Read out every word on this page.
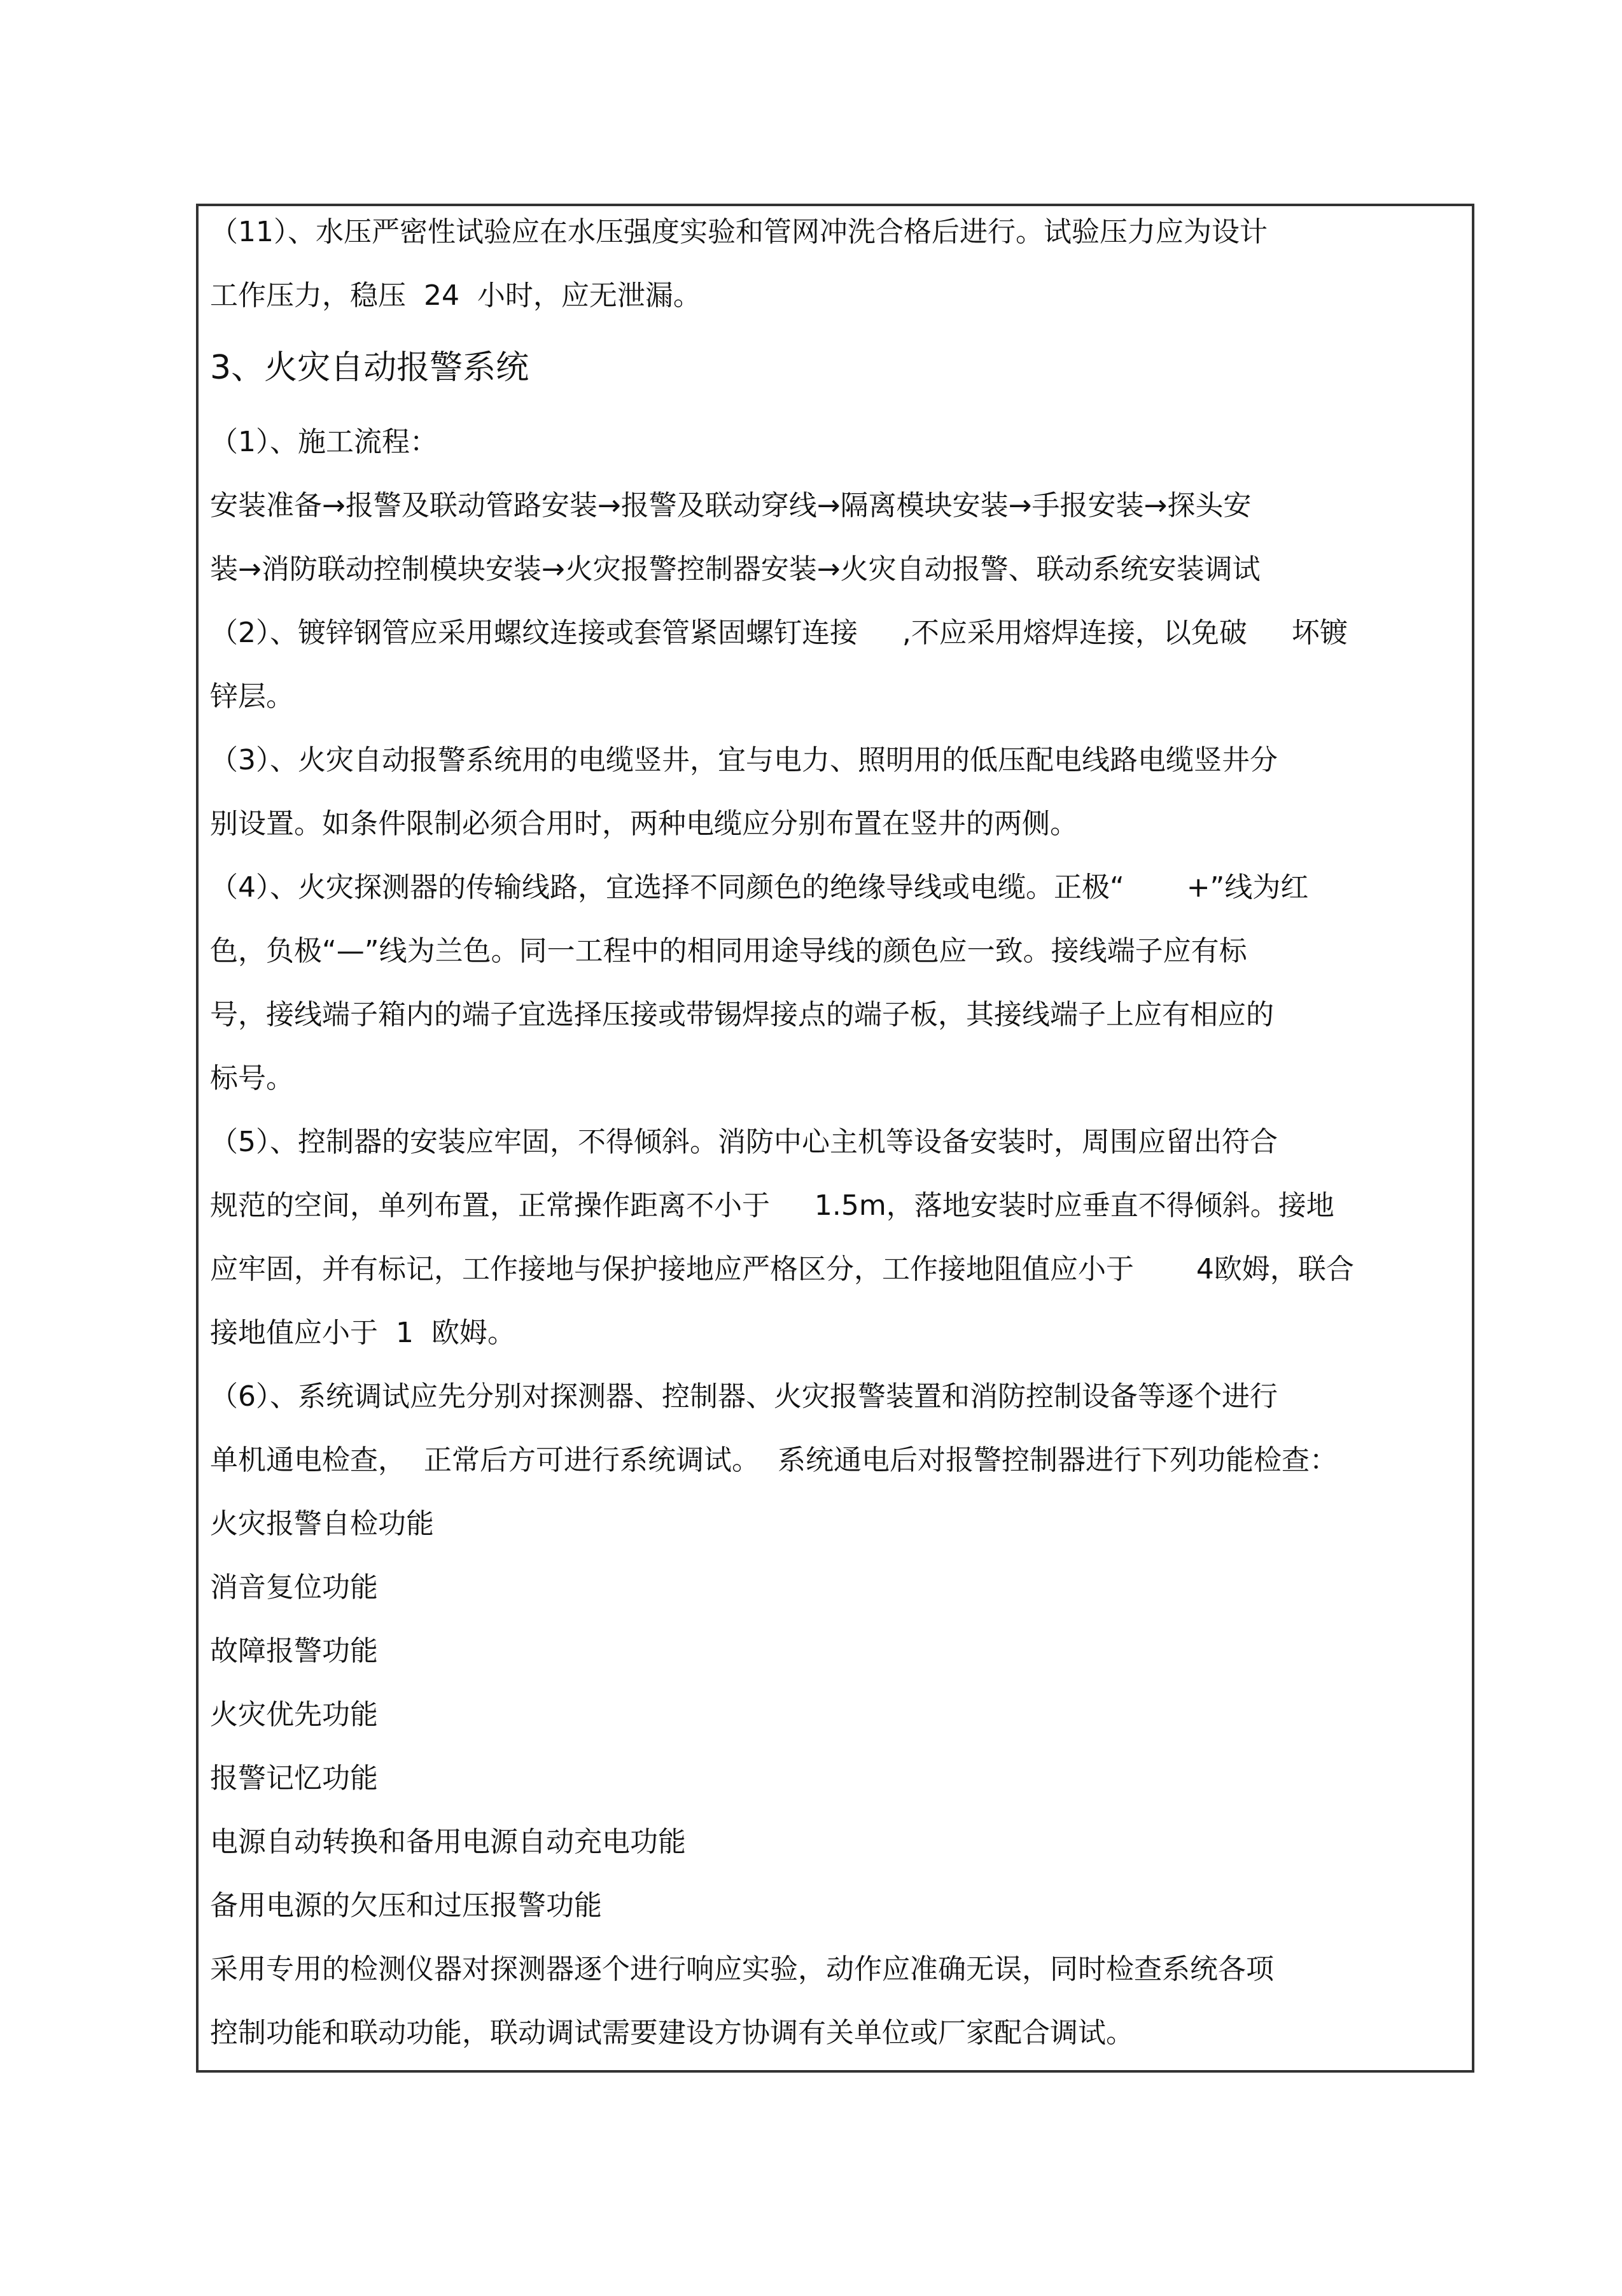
（11）、水压严密性试验应在水压强度实验和管网冲洗合格后进行。试验压力应为设计
工作压力，稳压  24  小时，应无泄漏。
3、火灾自动报警系统
（1）、施工流程：
安装准备→报警及联动管路安装→报警及联动穿线→隔离模块安装→手报安装→探头安
装→消防联动控制模块安装→火灾报警控制器安装→火灾自动报警、联动系统安装调试
（2）、镀锌钢管应采用螺纹连接或套管紧固螺钉连接     ,不应采用熔焊连接，以免破     坏镀
锌层。
（3）、火灾自动报警系统用的电缆竖井，宜与电力、照明用的低压配电线路电缆竖井分
别设置。如条件限制必须合用时，两种电缆应分别布置在竖井的两侧。
（4）、火灾探测器的传输线路，宜选择不同颜色的绝缘导线或电缆。正极“       +”线为红
色，负极“—”线为兰色。同一工程中的相同用途导线的颜色应一致。接线端子应有标
号，接线端子箱内的端子宜选择压接或带锡焊接点的端子板，其接线端子上应有相应的
标号。
（5）、控制器的安装应牢固，不得倾斜。消防中心主机等设备安装时，周围应留出符合
规范的空间，单列布置，正常操作距离不小于     1.5m，落地安装时应垂直不得倾斜。接地
应牢固，并有标记，工作接地与保护接地应严格区分，工作接地阻值应小于       4欧姆，联合
接地值应小于  1  欧姆。
（6）、系统调试应先分别对探测器、控制器、火灾报警装置和消防控制设备等逐个进行
单机通电检查，  正常后方可进行系统调试。  系统通电后对报警控制器进行下列功能检查：
火灾报警自检功能
消音复位功能
故障报警功能
火灾优先功能
报警记忆功能
电源自动转换和备用电源自动充电功能
备用电源的欠压和过压报警功能
采用专用的检测仪器对探测器逐个进行响应实验，动作应准确无误，同时检查系统各项
控制功能和联动功能，联动调试需要建设方协调有关单位或厂家配合调试。
